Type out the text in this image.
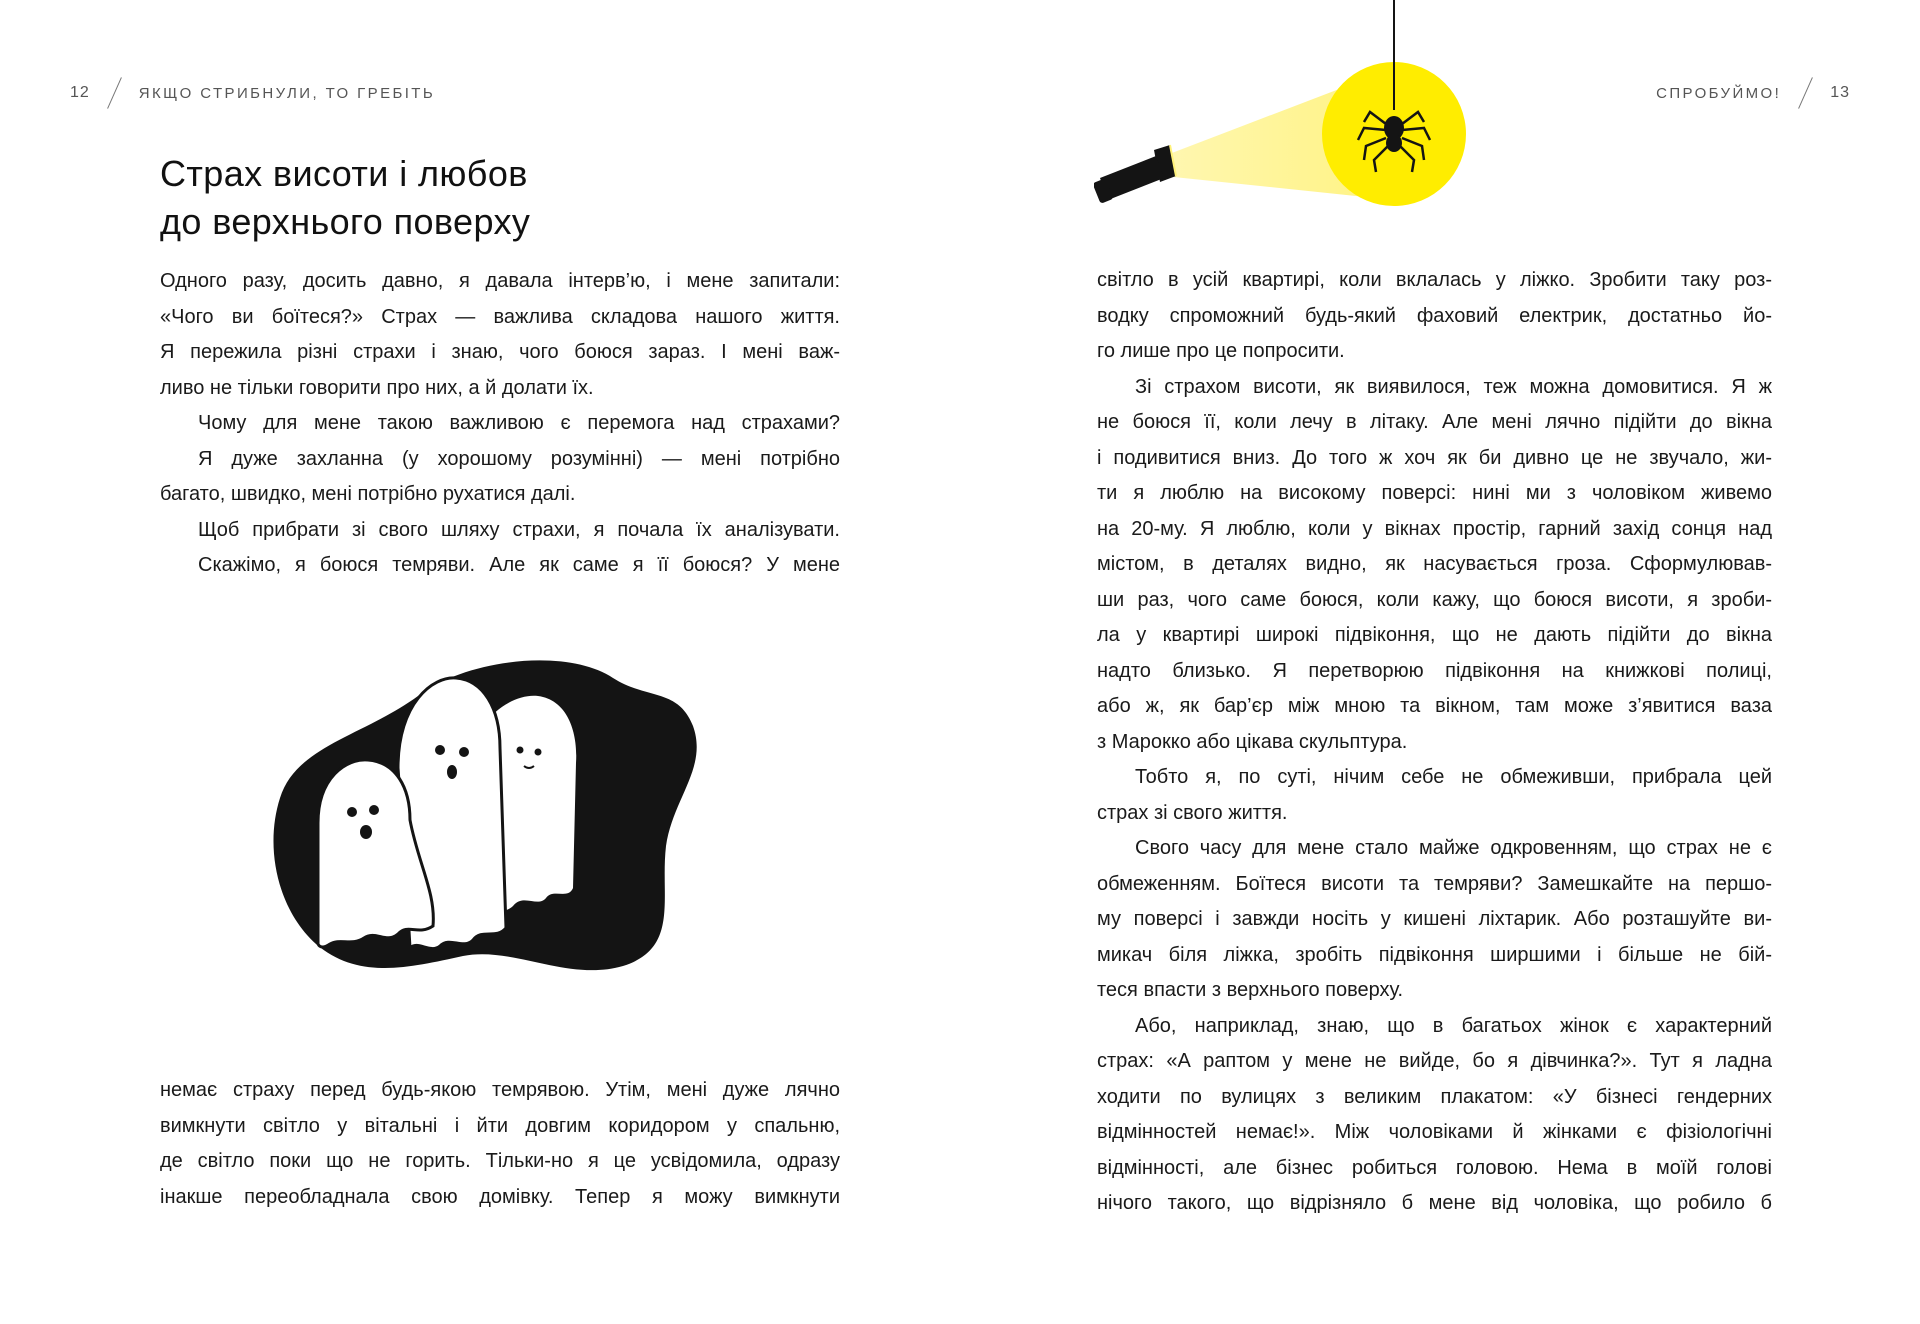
12	ЯКЩО СТРИБНУЛИ, ТО ГРЕБІТЬ
Страх висоти і любов
до верхнього поверху
Одного разу, досить давно, я давала інтерв’ю, і мене запитали:
«Чого ви боїтеся?» Страх — важлива складова нашого життя.
Я пережила різні страхи і знаю, чого боюся зараз. І мені важ-
ливо не тільки говорити про них, а й долати їх.
Чому для мене такою важливою є перемога над страхами?
Я дуже захланна (у хорошому розумінні) — мені потрібно
багато, швидко, мені потрібно рухатися далі.
Щоб прибрати зі свого шляху страхи, я почала їх аналізувати.
Скажімо, я боюся темряви. Але як саме я її боюся? У мене
немає страху перед будь-якою темрявою. Утім, мені дуже лячно
вимкнути світло у вітальні і йти довгим коридором у спальню,
де світло поки що не горить. Тільки-но я це усвідомила, одразу
інакше переобладнала свою домівку. Тепер я можу вимкнути
СПРОБУЙМО!	13
світло в усій квартирі, коли вклалась у ліжко. Зробити таку роз-
водку спроможний будь-який фаховий електрик, достатньо йо-
го лише про це попросити.
Зі страхом висоти, як виявилося, теж можна домовитися. Я ж
не боюся її, коли лечу в літаку. Але мені лячно підійти до вікна
і подивитися вниз. До того ж хоч як би дивно це не звучало, жи-
ти я люблю на високому поверсі: нині ми з чоловіком живемо
на 20-му. Я люблю, коли у вікнах простір, гарний захід сонця над
містом, в деталях видно, як насувається гроза. Сформулював-
ши раз, чого саме боюся, коли кажу, що боюся висоти, я зроби-
ла у квартирі широкі підвіконня, що не дають підійти до вікна
надто близько. Я перетворюю підвіконня на книжкові полиці,
або ж, як бар’єр між мною та вікном, там може з’явитися ваза
з Марокко або цікава скульптура.
Тобто я, по суті, нічим себе не обмеживши, прибрала цей
страх зі свого життя.
Свого часу для мене стало майже одкровенням, що страх не є
обмеженням. Боїтеся висоти та темряви? Замешкайте на першо-
му поверсі і завжди носіть у кишені ліхтарик. Або розташуйте ви-
микач біля ліжка, зробіть підвіконня ширшими і більше не бій-
теся впасти з верхнього поверху.
Або, наприклад, знаю, що в багатьох жінок є характерний
страх: «А раптом у мене не вийде, бо я дівчинка?». Тут я ладна
ходити по вулицях з великим плакатом: «У бізнесі гендерних
відмінностей немає!». Між чоловіками й жінками є фізіологічні
відмінності, але бізнес робиться головою. Нема в моїй голові
нічого такого, що відрізняло б мене від чоловіка, що робило б
